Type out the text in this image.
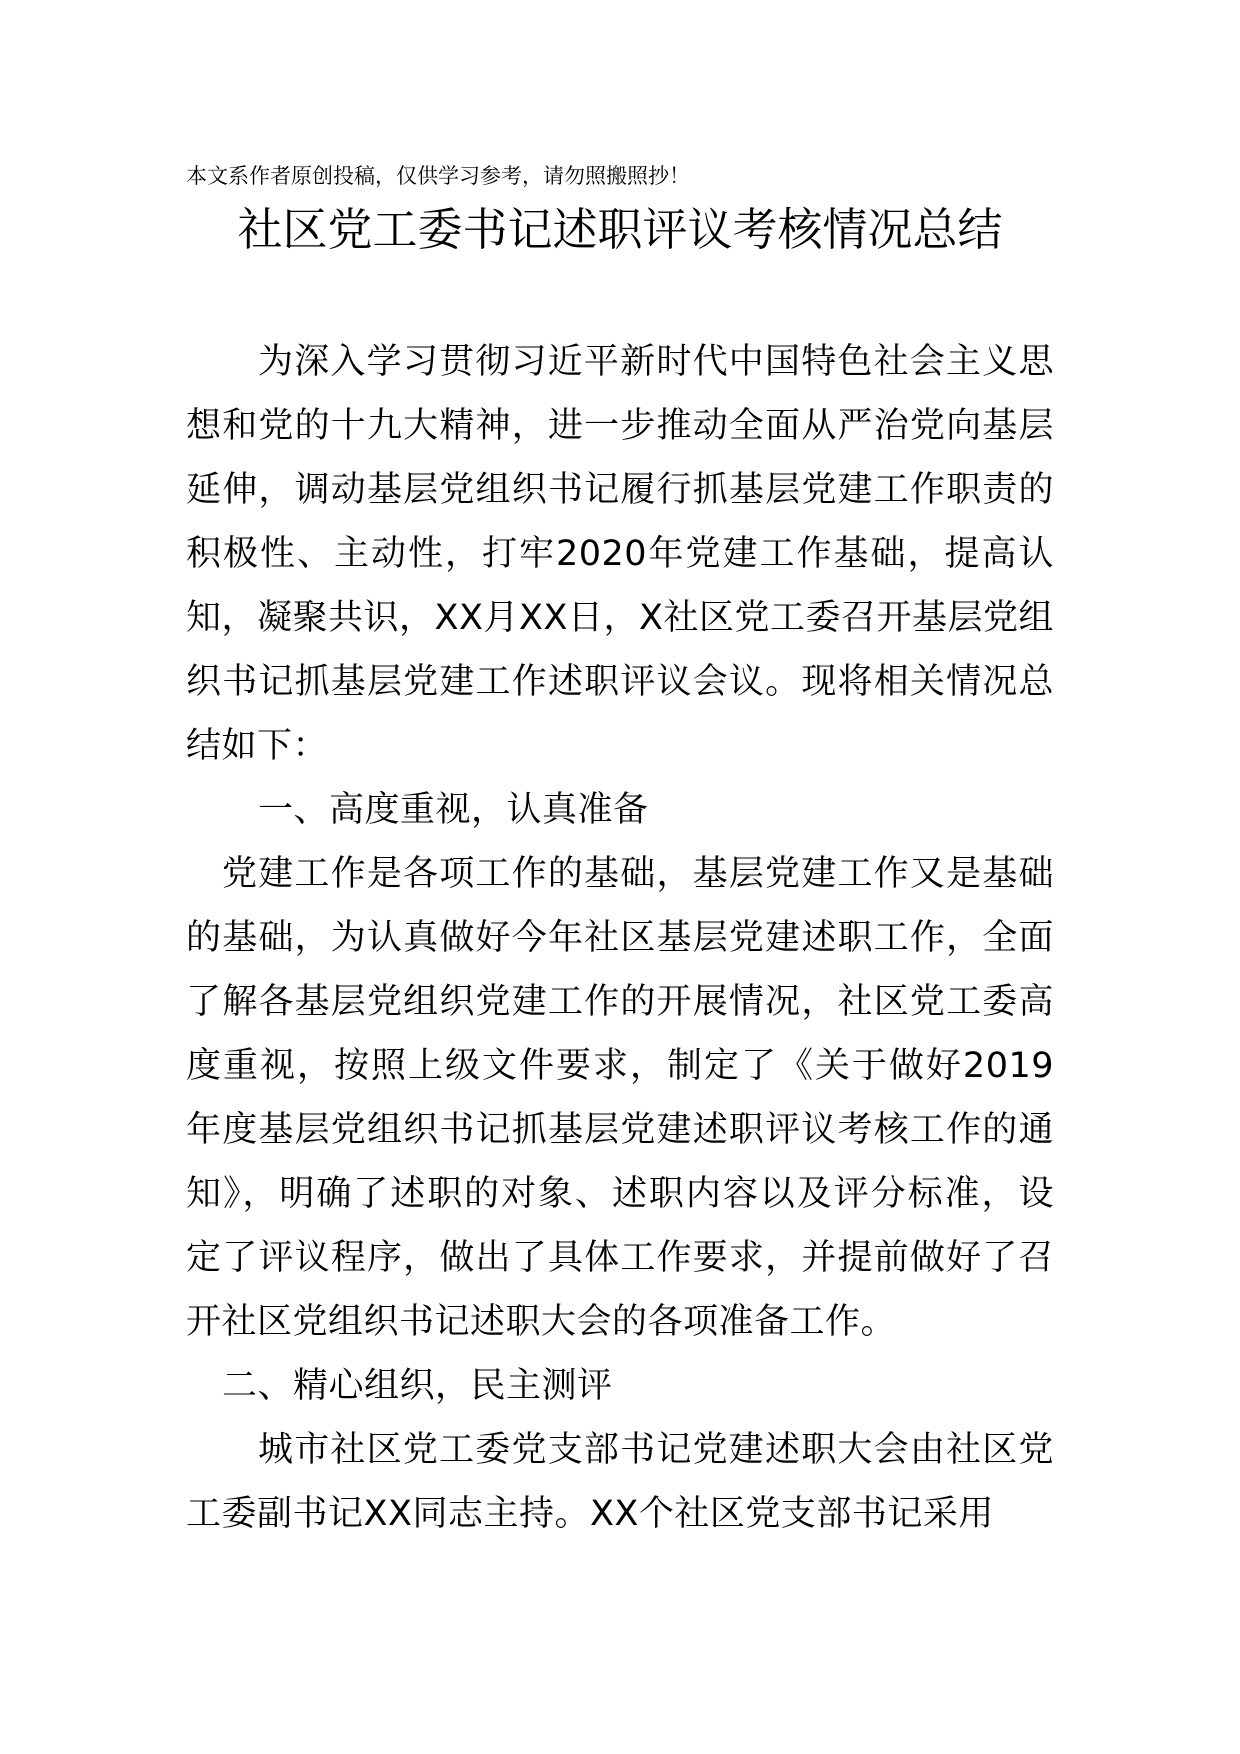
本文系作者原创投稿，仅供学习参考，请勿照搬照抄！
社区党工委书记述职评议考核情况总结

为深入学习贯彻习近平新时代中国特色社会主义思想和党的十九大精神，进一步推动全面从严治党向基层延伸，调动基层党组织书记履行抓基层党建工作职责的积极性、主动性，打牢2020年党建工作基础，提高认知，凝聚共识，XX月XX日，X社区党工委召开基层党组织书记抓基层党建工作述职评议会议。现将相关情况总结如下：

一、高度重视，认真准备

党建工作是各项工作的基础，基层党建工作又是基础的基础，为认真做好今年社区基层党建述职工作，全面了解各基层党组织党建工作的开展情况，社区党工委高度重视，按照上级文件要求，制定了《关于做好2019年度基层党组织书记抓基层党建述职评议考核工作的通知》，明确了述职的对象、述职内容以及评分标准，设定了评议程序，做出了具体工作要求，并提前做好了召开社区党组织书记述职大会的各项准备工作。

二、精心组织，民主测评

城市社区党工委党支部书记党建述职大会由社区党工委副书记XX同志主持。XX个社区党支部书记采用
